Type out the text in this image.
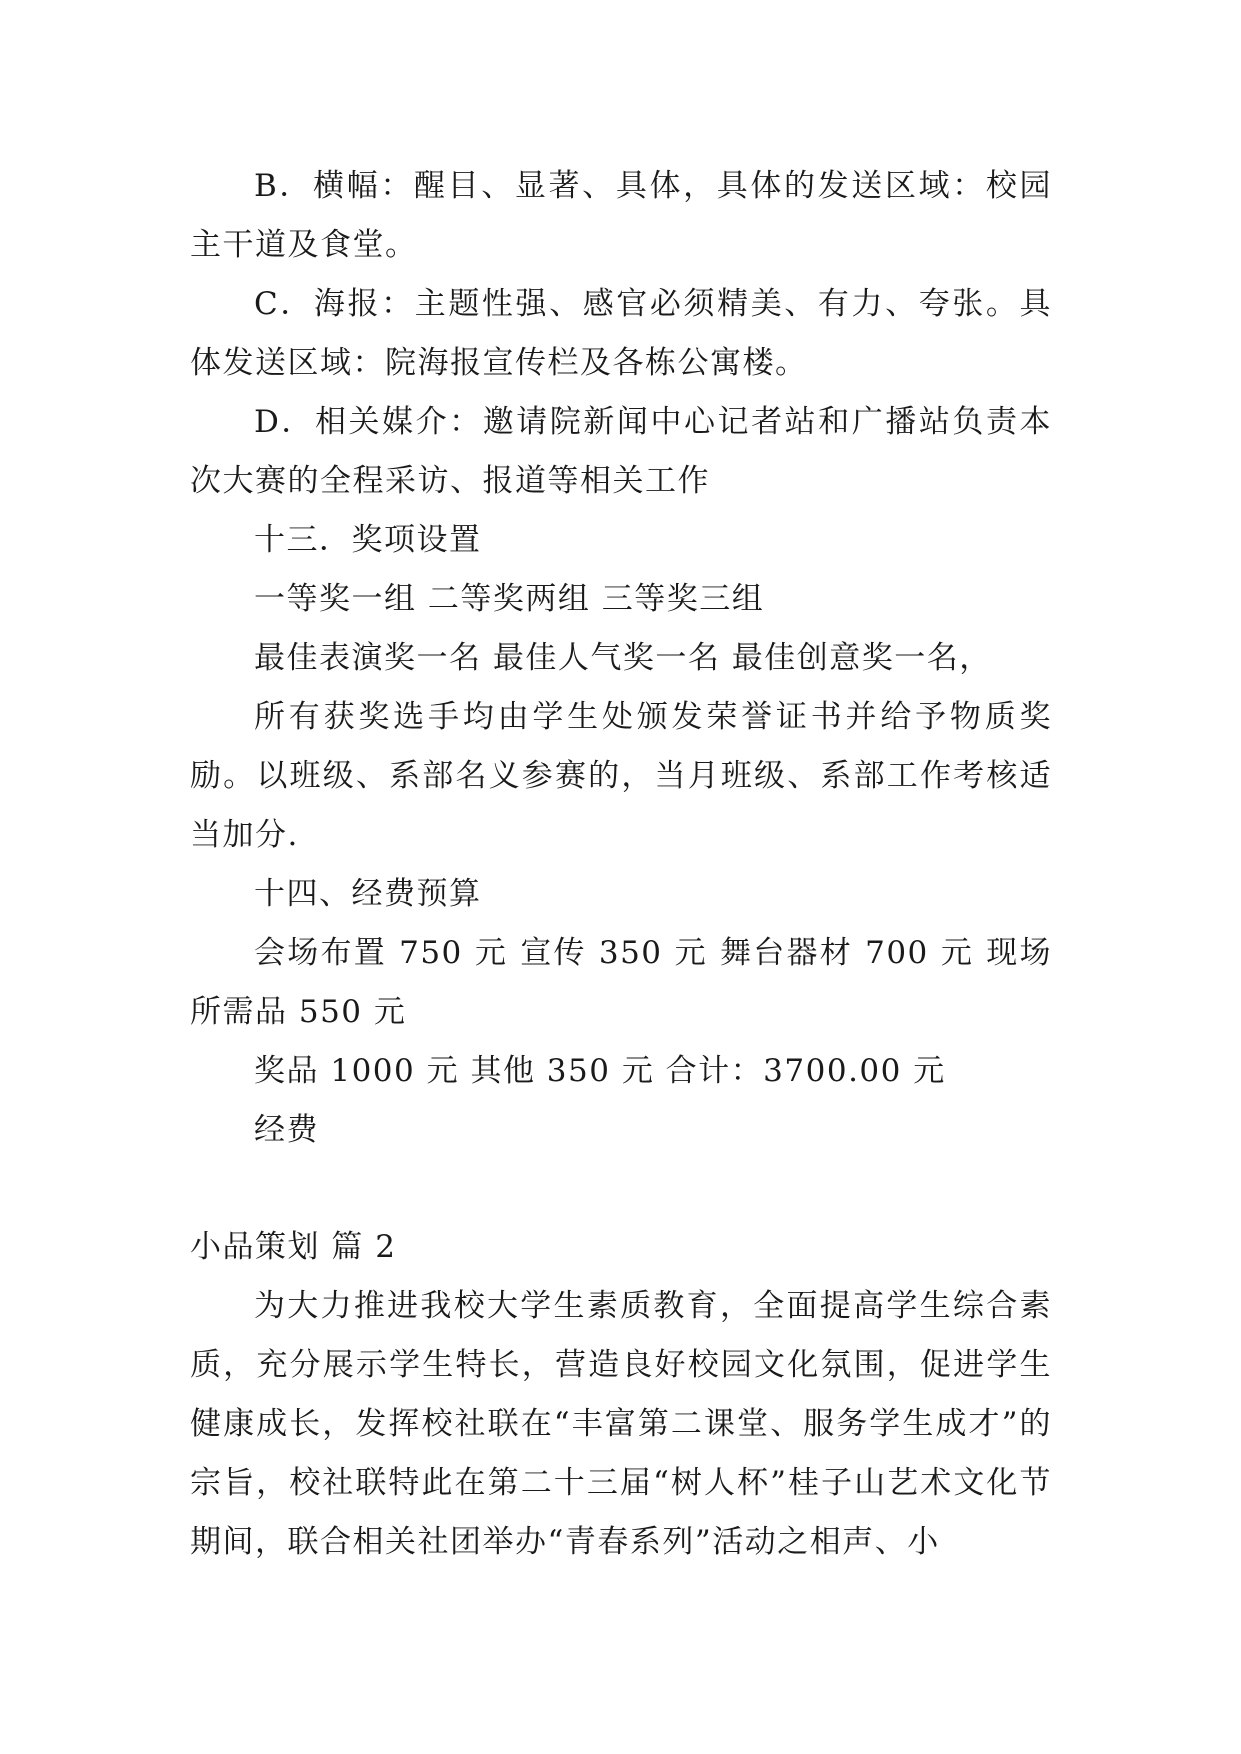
B．横幅：醒目、显著、具体，具体的发送区域：校园主干道及食堂。

C．海报：主题性强、感官必须精美、有力、夸张。具体发送区域：院海报宣传栏及各栋公寓楼。

D．相关媒介：邀请院新闻中心记者站和广播站负责本次大赛的全程采访、报道等相关工作

十三．奖项设置

一等奖一组 二等奖两组 三等奖三组

最佳表演奖一名 最佳人气奖一名 最佳创意奖一名，

所有获奖选手均由学生处颁发荣誉证书并给予物质奖励。以班级、系部名义参赛的，当月班级、系部工作考核适当加分.

十四、经费预算

会场布置 750 元 宣传 350 元 舞台器材 700 元 现场所需品 550 元

奖品 1000 元 其他 350 元 合计：3700.00 元

经费

小品策划 篇 2

为大力推进我校大学生素质教育，全面提高学生综合素质，充分展示学生特长，营造良好校园文化氛围，促进学生健康成长，发挥校社联在“丰富第二课堂、服务学生成才”的宗旨，校社联特此在第二十三届“树人杯”桂子山艺术文化节期间，联合相关社团举办“青春系列”活动之相声、小
